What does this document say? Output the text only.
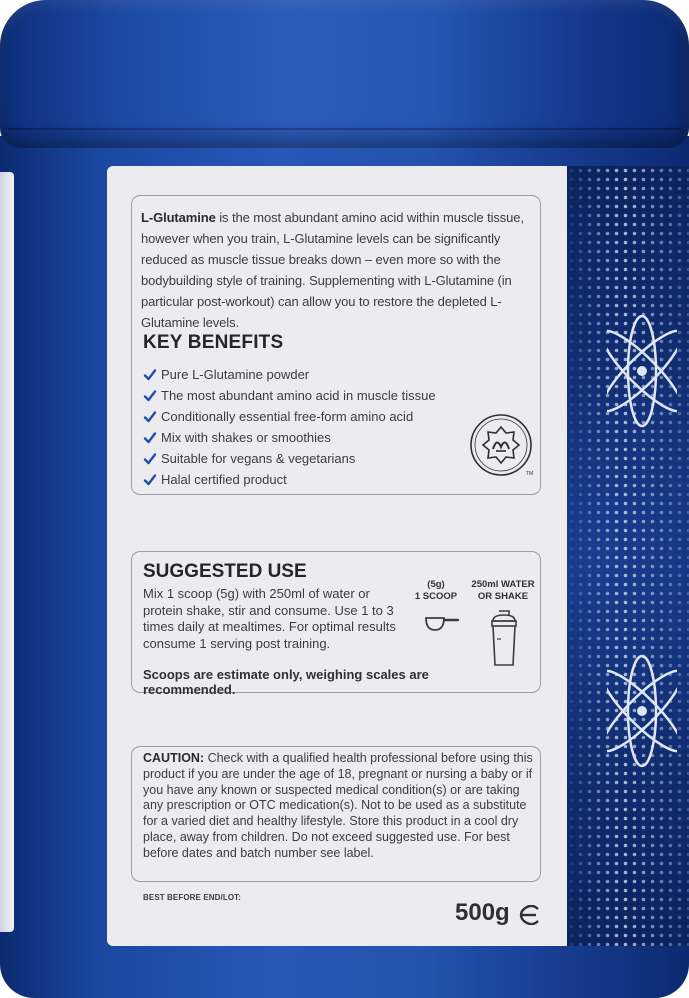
L-Glutamine is the most abundant amino acid within muscle tissue, however when you train, L-Glutamine levels can be significantly reduced as muscle tissue breaks down – even more so with the bodybuilding style of training. Supplementing with L-Glutamine (in particular post-workout) can allow you to restore the depleted L-Glutamine levels.
KEY BENEFITS
Pure L-Glutamine powder
The most abundant amino acid in muscle tissue
Conditionally essential free-form amino acid
Mix with shakes or smoothies
Suitable for vegans & vegetarians
Halal certified product	TM
SUGGESTED USE
Mix 1 scoop (5g) with 250ml of water or protein shake, stir and consume. Use 1 to 3 times daily at mealtimes. For optimal results consume 1 serving post training.
(5g)
1 SCOOP
250ml WATER
OR SHAKE
Scoops are estimate only, weighing scales are recommended.
CAUTION: Check with a qualified health professional before using this product if you are under the age of 18, pregnant or nursing a baby or if you have any known or suspected medical condition(s) or are taking any prescription or OTC medication(s). Not to be used as a substitute for a varied diet and healthy lifestyle. Store this product in a cool dry place, away from children. Do not exceed suggested use. For best before dates and batch number see label.
BEST BEFORE END/LOT:
500g
